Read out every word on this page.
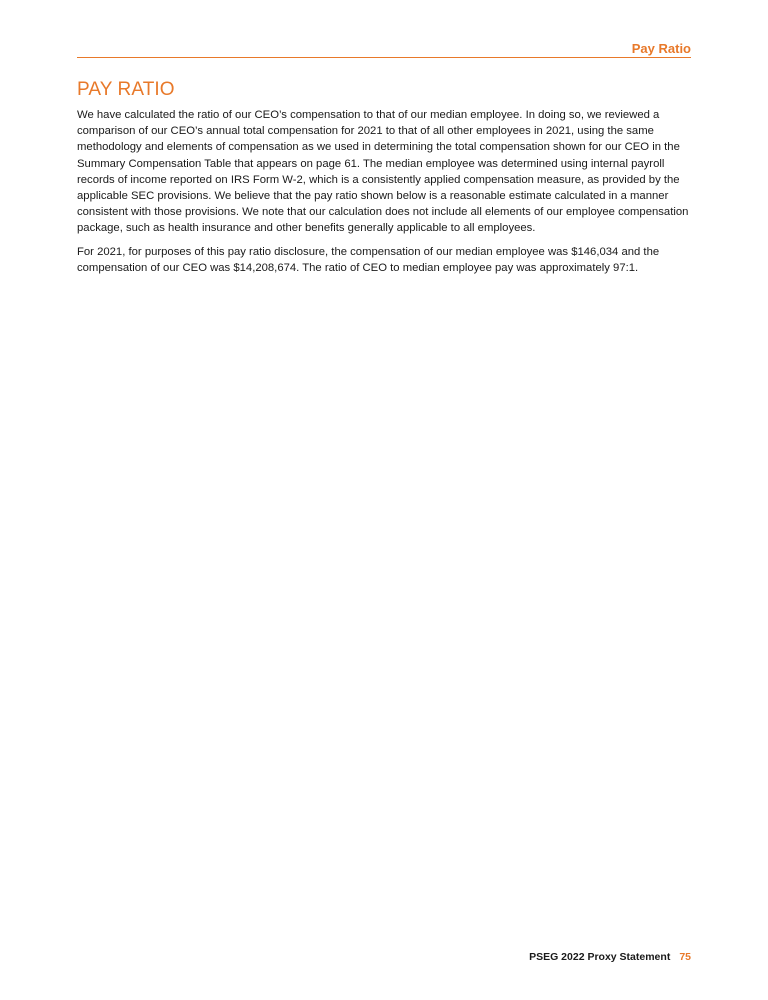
Pay Ratio
PAY RATIO

We have calculated the ratio of our CEO’s compensation to that of our median employee. In doing so, we reviewed a comparison of our CEO’s annual total compensation for 2021 to that of all other employees in 2021, using the same methodology and elements of compensation as we used in determining the total compensation shown for our CEO in the Summary Compensation Table that appears on page 61. The median employee was determined using internal payroll records of income reported on IRS Form W-2, which is a consistently applied compensation measure, as provided by the applicable SEC provisions. We believe that the pay ratio shown below is a reasonable estimate calculated in a manner consistent with those provisions. We note that our calculation does not include all elements of our employee compensation package, such as health insurance and other benefits generally applicable to all employees.

For 2021, for purposes of this pay ratio disclosure, the compensation of our median employee was $146,034 and the compensation of our CEO was $14,208,674. The ratio of CEO to median employee pay was approximately 97:1.

PSEG 2022 Proxy Statement 75
